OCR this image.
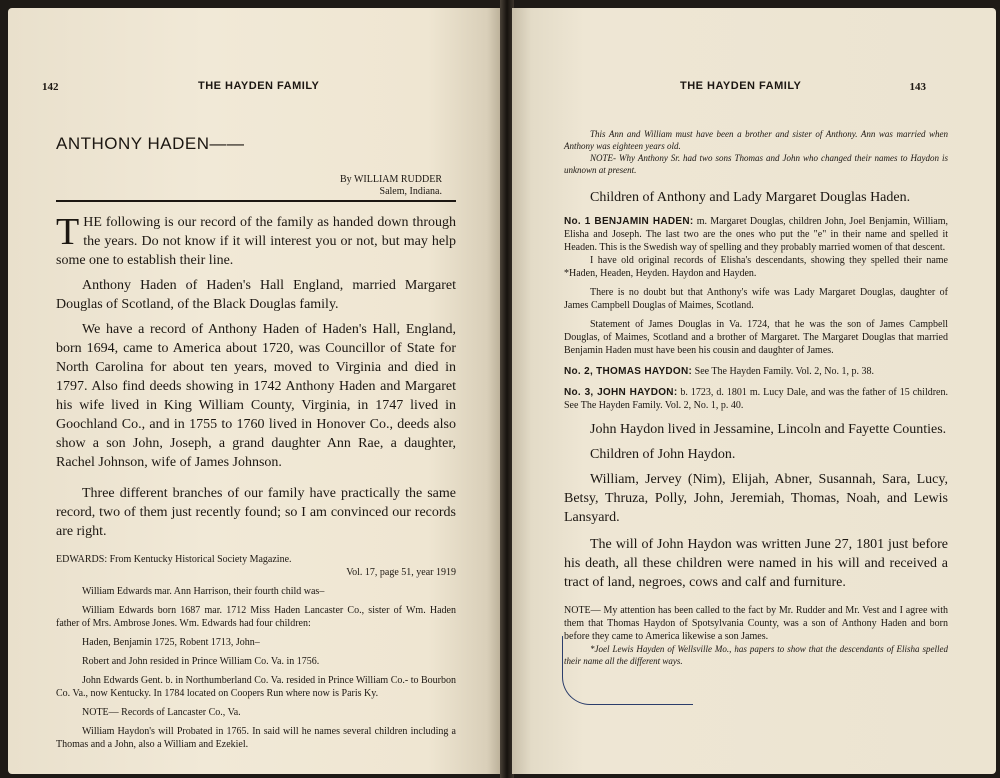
142	THE HAYDEN FAMILY
ANTHONY HADEN——
By WILLIAM RUDDER
Salem, Indiana.

THE following is our record of the family as handed down through the years. Do not know if it will interest you or not, but may help some one to establish their line.

Anthony Haden of Haden's Hall England, married Margaret Douglas of Scotland, of the Black Douglas family.

We have a record of Anthony Haden of Haden's Hall, England, born 1694, came to America about 1720, was Councillor of State for North Carolina for about ten years, moved to Virginia and died in 1797. Also find deeds showing in 1742 Anthony Haden and Margaret his wife lived in King William County, Virginia, in 1747 lived in Goochland Co., and in 1755 to 1760 lived in Honover Co., deeds also show a son John, Joseph, a grand daughter Ann Rae, a daughter, Rachel Johnson, wife of James Johnson.

Three different branches of our family have practically the same record, two of them just recently found; so I am convinced our records are right.

EDWARDS: From Kentucky Historical Society Magazine.

Vol. 17, page 51, year 1919

William Edwards mar. Ann Harrison, their fourth child was–

William Edwards born 1687 mar. 1712 Miss Haden Lancaster Co., sister of Wm. Haden father of Mrs. Ambrose Jones. Wm. Edwards had four children:

Haden, Benjamin 1725, Robent 1713, John–

Robert and John resided in Prince William Co. Va. in 1756.

John Edwards Gent. b. in Northumberland Co. Va. resided in Prince William Co.- to Bourbon Co. Va., now Kentucky. In 1784 located on Coopers Run where now is Paris Ky.

NOTE— Records of Lancaster Co., Va.

William Haydon's will Probated in 1765. In said will he names several children including a Thomas and a John, also a William and Ezekiel.

THE HAYDEN FAMILY	143

This Ann and William must have been a brother and sister of Anthony. Ann was married when Anthony was eighteen years old.

NOTE- Why Anthony Sr. had two sons Thomas and John who changed their names to Haydon is unknown at present.

Children of Anthony and Lady Margaret Douglas Haden.

No. 1 BENJAMIN HADEN: m. Margaret Douglas, children John, Joel Benjamin, William, Elisha and Joseph. The last two are the ones who put the "e" in their name and spelled it Headen. This is the Swedish way of spelling and they probably married women of that descent.

I have old original records of Elisha's descendants, showing they spelled their name *Haden, Headen, Heyden. Haydon and Hayden.

There is no doubt but that Anthony's wife was Lady Margaret Douglas, daughter of James Campbell Douglas of Maimes, Scotland.

Statement of James Douglas in Va. 1724, that he was the son of James Campbell Douglas, of Maimes, Scotland and a brother of Margaret. The Margaret Douglas that married Benjamin Haden must have been his cousin and daughter of James.

No. 2, THOMAS HAYDON: See The Hayden Family. Vol. 2, No. 1, p. 38.

No. 3, JOHN HAYDON: b. 1723, d. 1801 m. Lucy Dale, and was the father of 15 children. See The Hayden Family. Vol. 2, No. 1, p. 40.

John Haydon lived in Jessamine, Lincoln and Fayette Counties.

Children of John Haydon.

William, Jervey (Nim), Elijah, Abner, Susannah, Sara, Lucy, Betsy, Thruza, Polly, John, Jeremiah, Thomas, Noah, and Lewis Lansyard.

The will of John Haydon was written June 27, 1801 just before his death, all these children were named in his will and received a tract of land, negroes, cows and calf and furniture.

NOTE— My attention has been called to the fact by Mr. Rudder and Mr. Vest and I agree with them that Thomas Haydon of Spotsylvania County, was a son of Anthony Haden and born before they came to America likewise a son James.

*Joel Lewis Hayden of Wellsville Mo., has papers to show that the descendants of Elisha spelled their name all the different ways.
